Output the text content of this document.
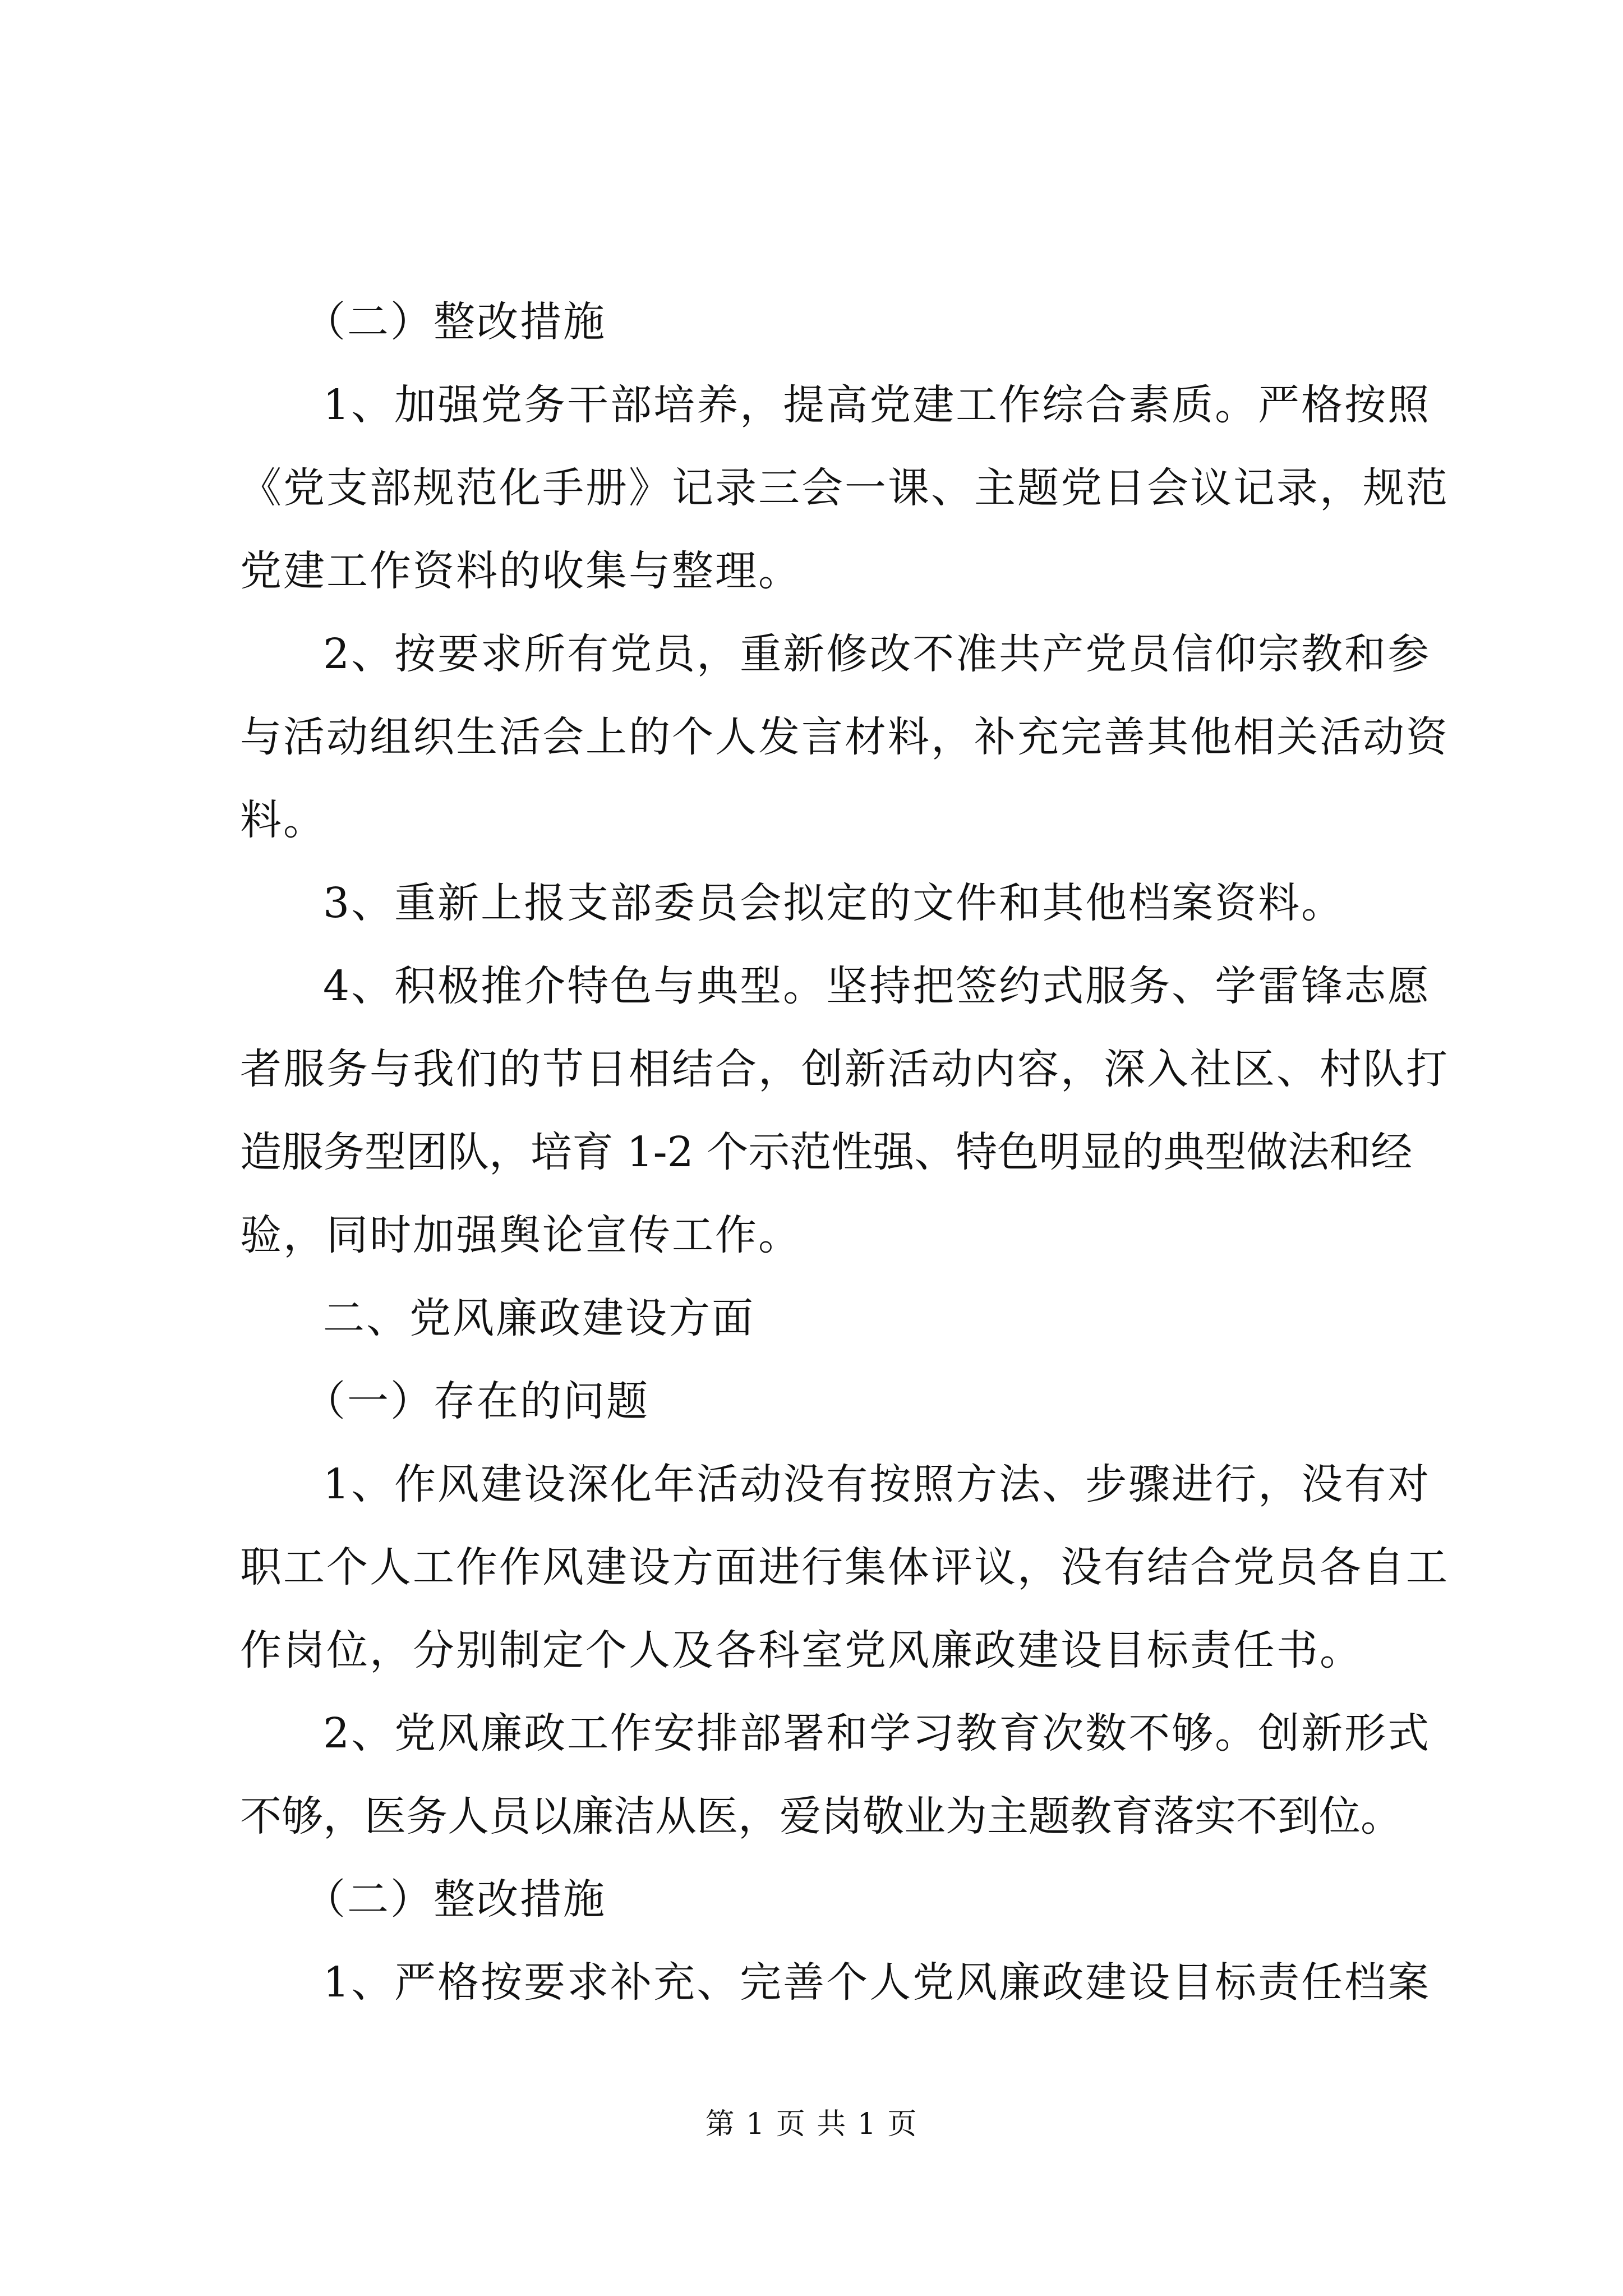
（二）整改措施

1、加强党务干部培养，提高党建工作综合素质。严格按照

《党支部规范化手册》记录三会一课、主题党日会议记录，规范

党建工作资料的收集与整理。

2、按要求所有党员，重新修改不准共产党员信仰宗教和参

与活动组织生活会上的个人发言材料，补充完善其他相关活动资

料。

3、重新上报支部委员会拟定的文件和其他档案资料。

4、积极推介特色与典型。坚持把签约式服务、学雷锋志愿

者服务与我们的节日相结合，创新活动内容，深入社区、村队打

造服务型团队，培育 1-2 个示范性强、特色明显的典型做法和经

验，同时加强舆论宣传工作。

二、党风廉政建设方面

（一）存在的问题

1、作风建设深化年活动没有按照方法、步骤进行，没有对

职工个人工作作风建设方面进行集体评议，没有结合党员各自工

作岗位，分别制定个人及各科室党风廉政建设目标责任书。

2、党风廉政工作安排部署和学习教育次数不够。创新形式

不够，医务人员以廉洁从医，爱岗敬业为主题教育落实不到位。

（二）整改措施

1、严格按要求补充、完善个人党风廉政建设目标责任档案

第 1 页 共 1 页
